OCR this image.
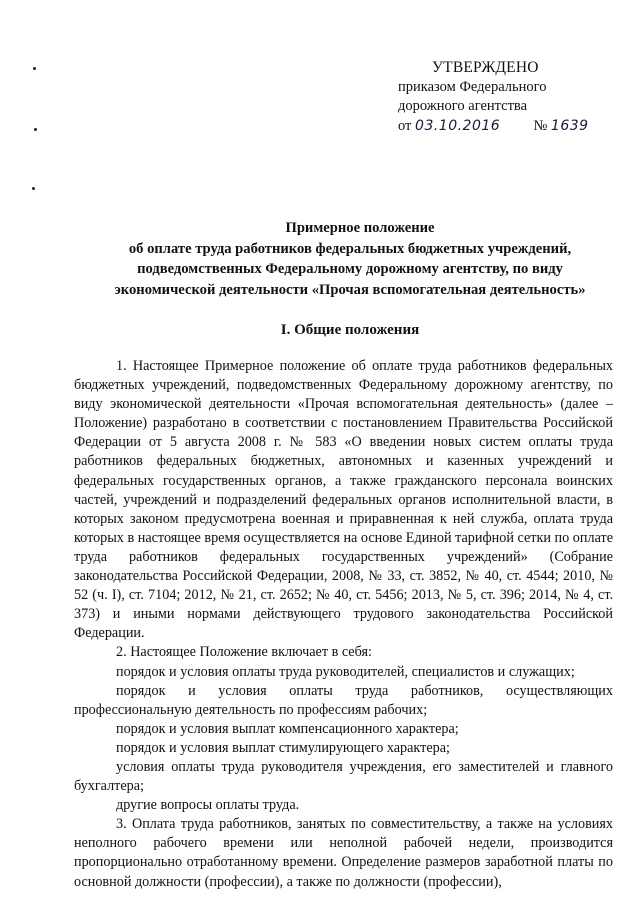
УТВЕРЖДЕНО
приказом Федерального
дорожного агентства
от 03.10.2016 № 1639
Примерное положение
об оплате труда работников федеральных бюджетных учреждений,
подведомственных Федеральному дорожному агентству, по виду
экономической деятельности «Прочая вспомогательная деятельность»
I. Общие положения

1. Настоящее Примерное положение об оплате труда работников федеральных бюджетных учреждений, подведомственных Федеральному дорожному агентству, по виду экономической деятельности «Прочая вспомогательная деятельность» (далее – Положение) разработано в соответствии с постановлением Правительства Российской Федерации от 5 августа 2008 г. № 583 «О введении новых систем оплаты труда работников федеральных бюджетных, автономных и казенных учреждений и федеральных государственных органов, а также гражданского персонала воинских частей, учреждений и подразделений федеральных органов исполнительной власти, в которых законом предусмотрена военная и приравненная к ней служба, оплата труда которых в настоящее время осуществляется на основе Единой тарифной сетки по оплате труда работников федеральных государственных учреждений» (Собрание законодательства Российской Федерации, 2008, № 33, ст. 3852, № 40, ст. 4544; 2010, № 52 (ч. I), ст. 7104; 2012, № 21, ст. 2652; № 40, ст. 5456; 2013, № 5, ст. 396; 2014, № 4, ст. 373) и иными нормами действующего трудового законодательства Российской Федерации.

2. Настоящее Положение включает в себя:

порядок и условия оплаты труда руководителей, специалистов и служащих;

порядок и условия оплаты труда работников, осуществляющих

профессиональную деятельность по профессиям рабочих;

порядок и условия выплат компенсационного характера;

порядок и условия выплат стимулирующего характера;

условия оплаты труда руководителя учреждения, его заместителей и главного бухгалтера;

другие вопросы оплаты труда.

3. Оплата труда работников, занятых по совместительству, а также на условиях неполного рабочего времени или неполной рабочей недели, производится пропорционально отработанному времени. Определение размеров заработной платы по основной должности (профессии), а также по должности (профессии),
